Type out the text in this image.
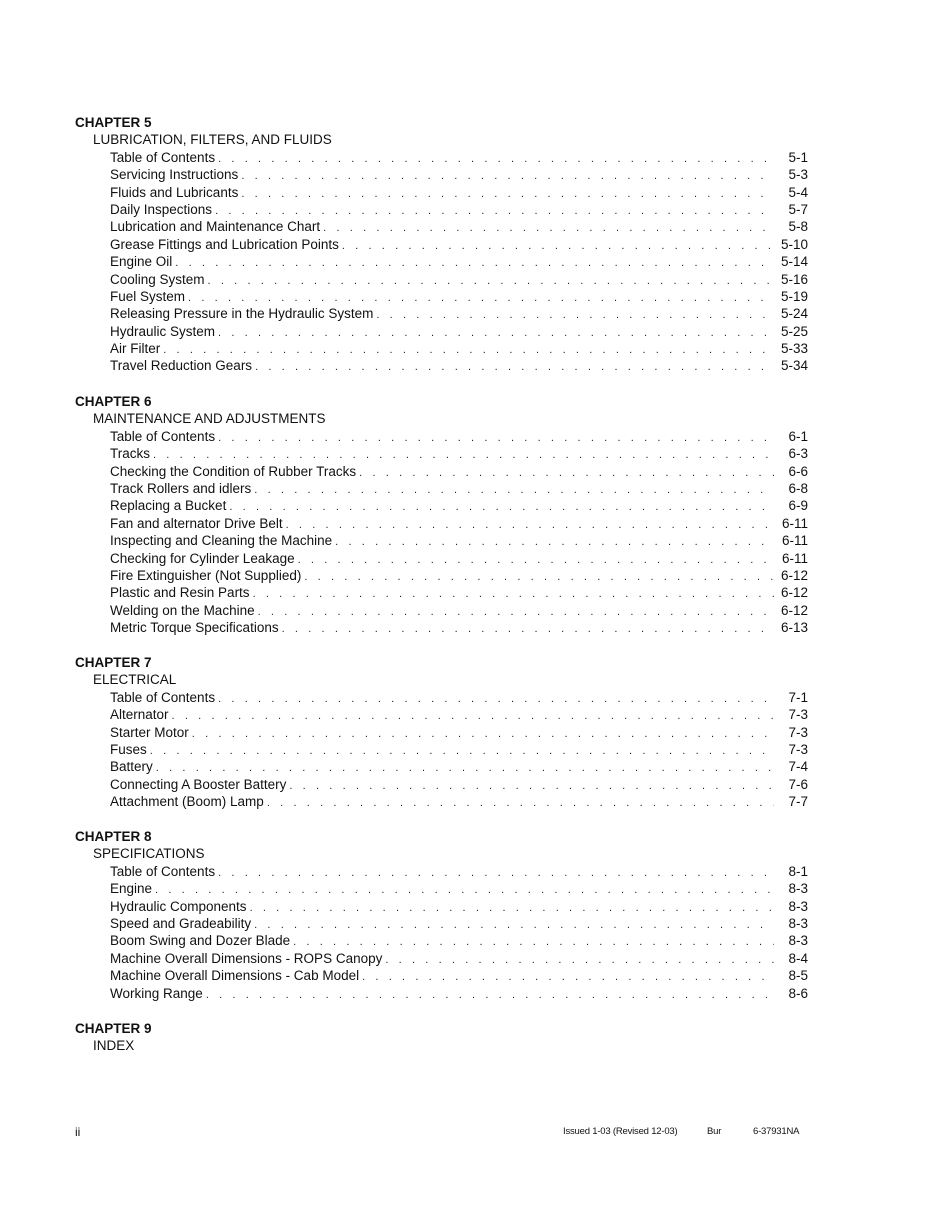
CHAPTER 5
LUBRICATION, FILTERS, AND FLUIDS
Table of Contents . . .	5-1
Servicing Instructions . . .	5-3
Fluids and Lubricants . . .	5-4
Daily Inspections . . .	5-7
Lubrication and Maintenance Chart . . .	5-8
Grease Fittings and Lubrication Points . . .	5-10
Engine Oil . . .	5-14
Cooling System . . .	5-16
Fuel System . . .	5-19
Releasing Pressure in the Hydraulic System . . .	5-24
Hydraulic System . . .	5-25
Air Filter . . .	5-33
Travel Reduction Gears . . .	5-34
CHAPTER 6
MAINTENANCE AND ADJUSTMENTS
Table of Contents . . .	6-1
Tracks . . .	6-3
Checking the Condition of Rubber Tracks . . .	6-6
Track Rollers and idlers . . .	6-8
Replacing a Bucket . . .	6-9
Fan and alternator Drive Belt . . .	6-11
Inspecting and Cleaning the Machine . . .	6-11
Checking for Cylinder Leakage . . .	6-11
Fire Extinguisher (Not Supplied) . . .	6-12
Plastic and Resin Parts . . .	6-12
Welding on the Machine . . .	6-12
Metric Torque Specifications . . .	6-13
CHAPTER 7
ELECTRICAL
Table of Contents . . .	7-1
Alternator . . .	7-3
Starter Motor . . .	7-3
Fuses . . .	7-3
Battery . . .	7-4
Connecting A Booster Battery . . .	7-6
Attachment (Boom) Lamp . . .	7-7
CHAPTER 8
SPECIFICATIONS
Table of Contents . . .	8-1
Engine . . .	8-3
Hydraulic Components . . .	8-3
Speed and Gradeability . . .	8-3
Boom Swing and Dozer Blade . . .	8-3
Machine Overall Dimensions - ROPS Canopy . . .	8-4
Machine Overall Dimensions - Cab Model . . .	8-5
Working Range . . .	8-6
CHAPTER 9
INDEX
ii	Issued 1-03 (Revised 12-03)	Bur	6-37931NA
